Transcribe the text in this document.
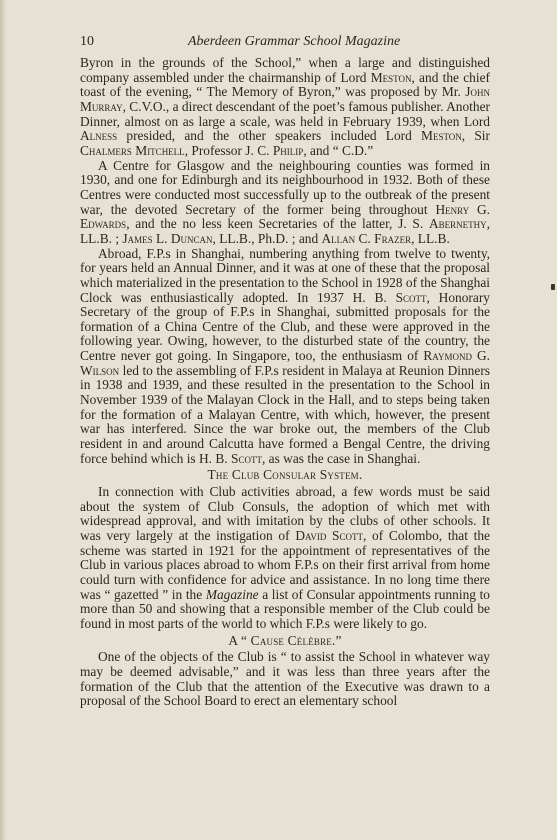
10	Aberdeen Grammar School Magazine

Byron in the grounds of the School,” when a large and distinguished company assembled under the chairmanship of Lord Meston, and the chief toast of the evening, “ The Memory of Byron,” was proposed by Mr. John Murray, C.V.O., a direct descendant of the poet’s famous publisher. Another Dinner, almost on as large a scale, was held in February 1939, when Lord Alness presided, and the other speakers included Lord Meston, Sir Chalmers Mitchell, Professor J. C. Philip, and “ C.D.”

A Centre for Glasgow and the neighbouring counties was formed in 1930, and one for Edinburgh and its neighbourhood in 1932. Both of these Centres were conducted most successfully up to the outbreak of the present war, the devoted Secretary of the former being throughout Henry G. Edwards, and the no less keen Secretaries of the latter, J. S. Abernethy, LL.B. ; James L. Duncan, LL.B., Ph.D. ; and Allan C. Frazer, LL.B.

Abroad, F.P.s in Shanghai, numbering anything from twelve to twenty, for years held an Annual Dinner, and it was at one of these that the proposal which materialized in the presentation to the School in 1928 of the Shanghai Clock was enthusiastically adopted. In 1937 H. B. Scott, Honorary Secretary of the group of F.P.s in Shanghai, submitted proposals for the formation of a China Centre of the Club, and these were approved in the following year. Owing, however, to the disturbed state of the country, the Centre never got going. In Singapore, too, the enthusiasm of Raymond G. Wilson led to the assembling of F.P.s resident in Malaya at Reunion Dinners in 1938 and 1939, and these resulted in the presentation to the School in November 1939 of the Malayan Clock in the Hall, and to steps being taken for the formation of a Malayan Centre, with which, however, the present war has interfered. Since the war broke out, the members of the Club resident in and around Calcutta have formed a Bengal Centre, the driving force behind which is H. B. Scott, as was the case in Shanghai.

The Club Consular System.

In connection with Club activities abroad, a few words must be said about the system of Club Consuls, the adoption of which met with widespread approval, and with imitation by the clubs of other schools. It was very largely at the instigation of David Scott, of Colombo, that the scheme was started in 1921 for the appointment of representatives of the Club in various places abroad to whom F.P.s on their first arrival from home could turn with confidence for advice and assistance. In no long time there was “ gazetted ” in the Magazine a list of Consular appointments running to more than 50 and showing that a responsible member of the Club could be found in most parts of the world to which F.P.s were likely to go.

A “ Cause Célèbre.”

One of the objects of the Club is “ to assist the School in whatever way may be deemed advisable,” and it was less than three years after the formation of the Club that the attention of the Executive was drawn to a proposal of the School Board to erect an elementary school
